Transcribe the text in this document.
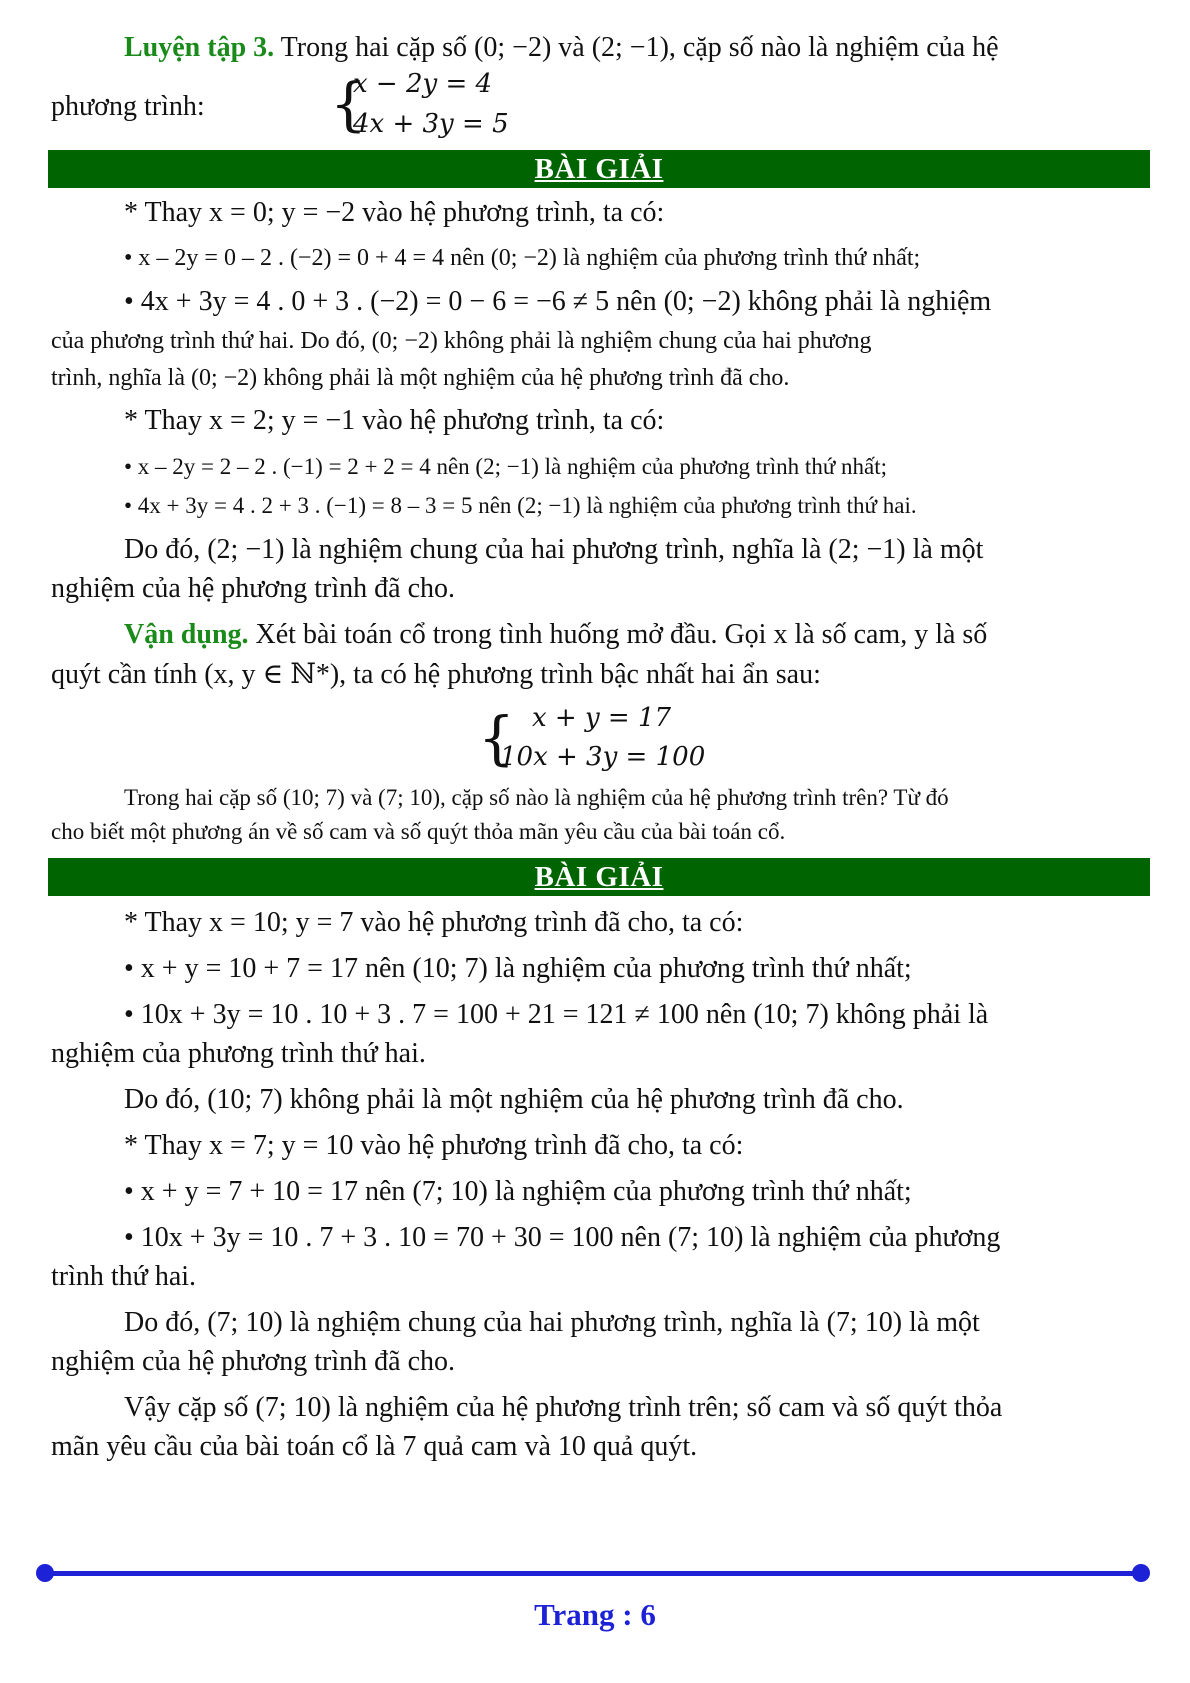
Luyện tập 3. Trong hai cặp số (0; −2) và (2; −1), cặp số nào là nghiệm của hệ
phương trình: {
x − 2y = 4
4x + 3y = 5
BÀI GIẢI
* Thay x = 0; y = −2 vào hệ phương trình, ta có:
• x – 2y = 0 – 2 . (−2) = 0 + 4 = 4 nên (0; −2) là nghiệm của phương trình thứ nhất;
• 4x + 3y = 4 . 0 + 3 . (−2) = 0 − 6 = −6 ≠ 5 nên (0; −2) không phải là nghiệm
của phương trình thứ hai. Do đó, (0; −2) không phải là nghiệm chung của hai phương
trình, nghĩa là (0; −2) không phải là một nghiệm của hệ phương trình đã cho.
* Thay x = 2; y = −1 vào hệ phương trình, ta có:
• x – 2y = 2 – 2 . (−1) = 2 + 2 = 4 nên (2; −1) là nghiệm của phương trình thứ nhất;
• 4x + 3y = 4 . 2 + 3 . (−1) = 8 – 3 = 5 nên (2; −1) là nghiệm của phương trình thứ hai.
Do đó, (2; −1) là nghiệm chung của hai phương trình, nghĩa là (2; −1) là một
nghiệm của hệ phương trình đã cho.
Vận dụng. Xét bài toán cổ trong tình huống mở đầu. Gọi x là số cam, y là số
quýt cần tính (x, y ∈ ℕ*), ta có hệ phương trình bậc nhất hai ẩn sau:
{ x + y = 17
10x + 3y = 100
Trong hai cặp số (10; 7) và (7; 10), cặp số nào là nghiệm của hệ phương trình trên? Từ đó
cho biết một phương án về số cam và số quýt thỏa mãn yêu cầu của bài toán cổ.
BÀI GIẢI
* Thay x = 10; y = 7 vào hệ phương trình đã cho, ta có:
• x + y = 10 + 7 = 17 nên (10; 7) là nghiệm của phương trình thứ nhất;
• 10x + 3y = 10 . 10 + 3 . 7 = 100 + 21 = 121 ≠ 100 nên (10; 7) không phải là
nghiệm của phương trình thứ hai.
Do đó, (10; 7) không phải là một nghiệm của hệ phương trình đã cho.
* Thay x = 7; y = 10 vào hệ phương trình đã cho, ta có:
• x + y = 7 + 10 = 17 nên (7; 10) là nghiệm của phương trình thứ nhất;
• 10x + 3y = 10 . 7 + 3 . 10 = 70 + 30 = 100 nên (7; 10) là nghiệm của phương
trình thứ hai.
Do đó, (7; 10) là nghiệm chung của hai phương trình, nghĩa là (7; 10) là một
nghiệm của hệ phương trình đã cho.
Vậy cặp số (7; 10) là nghiệm của hệ phương trình trên; số cam và số quýt thỏa
mãn yêu cầu của bài toán cổ là 7 quả cam và 10 quả quýt.
Trang : 6
